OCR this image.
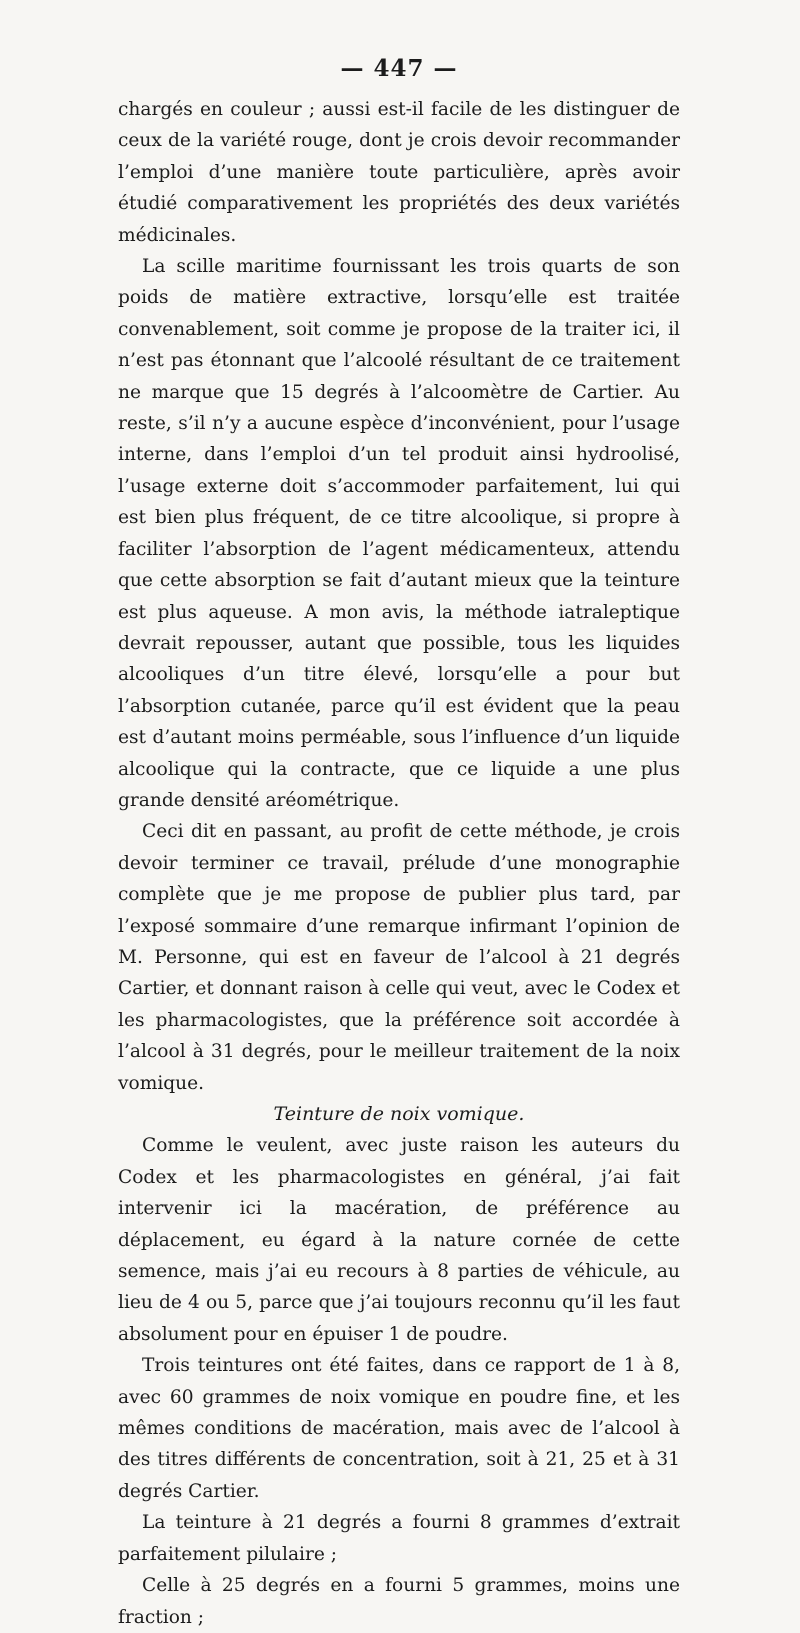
— 447 —

chargés en couleur ; aussi est-il facile de les distinguer de ceux de la variété rouge, dont je crois devoir recommander l’emploi d’une manière toute particulière, après avoir étudié comparativement les propriétés des deux variétés médicinales.

La scille maritime fournissant les trois quarts de son poids de matière extractive, lorsqu’elle est traitée convenablement, soit comme je propose de la traiter ici, il n’est pas étonnant que l’alcoolé résultant de ce traitement ne marque que 15 degrés à l’alcoomètre de Cartier. Au reste, s’il n’y a aucune espèce d’inconvénient, pour l’usage interne, dans l’emploi d’un tel produit ainsi hydroolisé, l’usage externe doit s’accommoder parfaitement, lui qui est bien plus fréquent, de ce titre alcoolique, si propre à faciliter l’absorption de l’agent médicamenteux, attendu que cette absorption se fait d’autant mieux que la teinture est plus aqueuse. A mon avis, la méthode iatraleptique devrait repousser, autant que possible, tous les liquides alcooliques d’un titre élevé, lorsqu’elle a pour but l’absorption cutanée, parce qu’il est évident que la peau est d’autant moins perméable, sous l’influence d’un liquide alcoolique qui la contracte, que ce liquide a une plus grande densité aréométrique.

Ceci dit en passant, au profit de cette méthode, je crois devoir terminer ce travail, prélude d’une monographie complète que je me propose de publier plus tard, par l’exposé sommaire d’une remarque infirmant l’opinion de M. Personne, qui est en faveur de l’alcool à 21 degrés Cartier, et donnant raison à celle qui veut, avec le Codex et les pharmacologistes, que la préférence soit accordée à l’alcool à 31 degrés, pour le meilleur traitement de la noix vomique.

Teinture de noix vomique.

Comme le veulent, avec juste raison les auteurs du Codex et les pharmacologistes en général, j’ai fait intervenir ici la macération, de préférence au déplacement, eu égard à la nature cornée de cette semence, mais j’ai eu recours à 8 parties de véhicule, au lieu de 4 ou 5, parce que j’ai toujours reconnu qu’il les faut absolument pour en épuiser 1 de poudre.

Trois teintures ont été faites, dans ce rapport de 1 à 8, avec 60 grammes de noix vomique en poudre fine, et les mêmes conditions de macération, mais avec de l’alcool à des titres différents de concentration, soit à 21, 25 et à 31 degrés Cartier.

La teinture à 21 degrés a fourni 8 grammes d’extrait parfaitement pilulaire ;

Celle à 25 degrés en a fourni 5 grammes, moins une fraction ;
